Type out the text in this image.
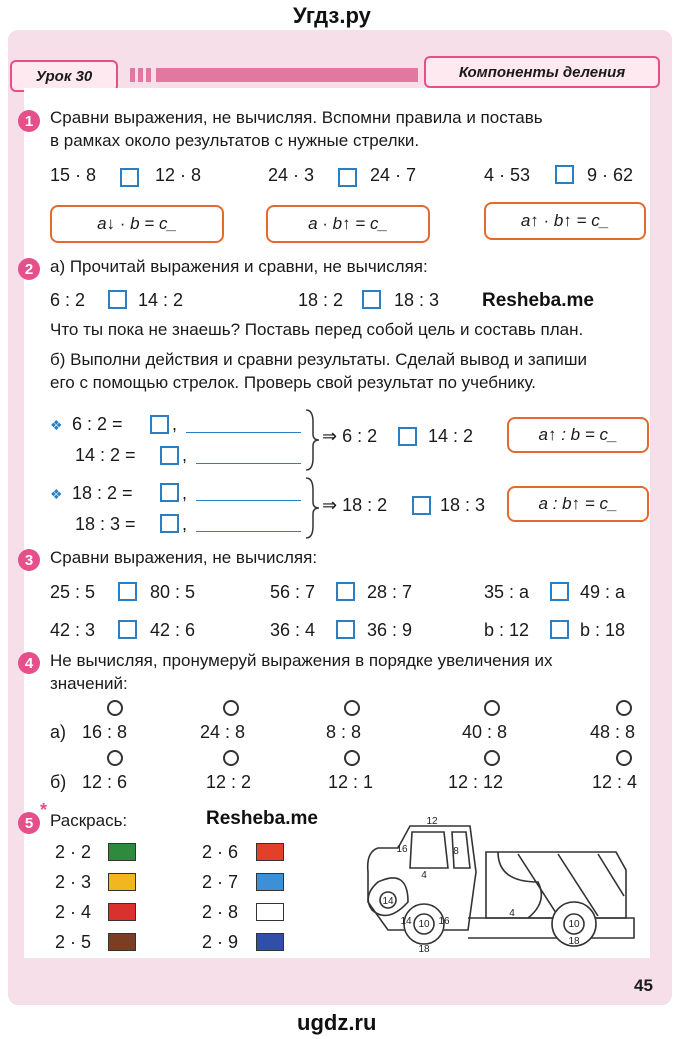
Угдз.ру
Урок 30	Компоненты деления
1 Сравни выражения, не вычисляя. Вспомни правила и поставь
в рамках около результатов с нужные стрелки.
15 · 8	12 · 8	24 · 3	24 · 7	4 · 53	9 · 62
a↓ · b = c_	a · b↑ = c_	a↑ · b↑ = c_
2 а) Прочитай выражения и сравни, не вычисляя:
6 : 2	14 : 2	18 : 2	18 : 3 Resheba.me
Что ты пока не знаешь? Поставь перед собой цель и составь план.
б) Выполни действия и сравни результаты. Сделай вывод и запиши
его с помощью стрелок. Проверь свой результат по учебнику.
❖ 6 : 2 =	,
14 : 2 =	,
⇒ 6 : 2	14 : 2	a↑ : b = c_
❖ 18 : 2 =	,
18 : 3 =	,
⇒ 18 : 2	18 : 3	a : b↑ = c_
3 Сравни выражения, не вычисляя:
25 : 5	80 : 5	56 : 7	28 : 7	35 : a	49 : a
42 : 3	42 : 6	36 : 4	36 : 9	b : 12	b : 18
4 Не вычисляя, пронумеруй выражения в порядке увеличения их
значений:
а) 16 : 8	24 : 8	8 : 8	40 : 8	48 : 8
б) 12 : 6	12 : 2	12 : 1	12 : 12	12 : 4
5
*
Раскрась:	Resheba.me
2 · 2
2 · 3
2 · 4
2 · 5
2 · 6
2 · 7
2 · 8
2 · 9
12
16	8
4
14
10
18
4
10
18
14	16
45
ugdz.ru
